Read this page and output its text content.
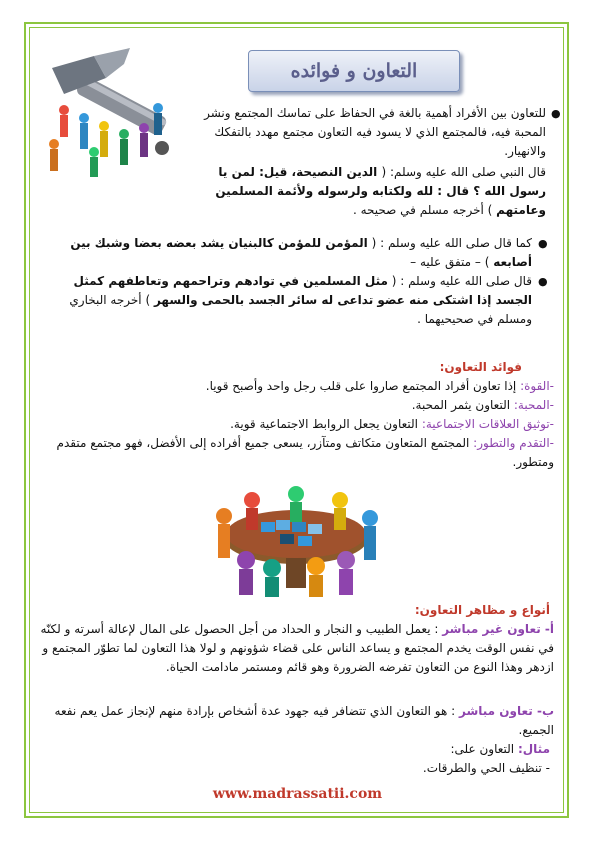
التعاون و فوائده
●
للتعاون بين الأفراد أهمية بالغة في الحفاظ على تماسك المجتمع ونشر المحبة فيه، فالمجتمع الذي لا يسود فيه التعاون مجتمع مهدد بالتفكك والانهيار.
قال النبي صلى الله عليه وسلم: ( الدين النصيحة، قيل: لمن يا رسول الله ؟ قال : لله ولكتابه ولرسوله ولأئمة المسلمين وعامتهم ) أخرجه مسلم في صحيحه .
●
كما قال صلى الله عليه وسلم : ( المؤمن للمؤمن كالبنيان يشد بعضه بعضا وشبك بين أصابعه ) – متفق عليه –
●
قال صلى الله عليه وسلم : ( مثل المسلمين في توادهم وتراحمهم وتعاطفهم كمثل الجسد إذا اشتكى منه عضو تداعى له سائر الجسد بالحمى والسهر ) أخرجه البخاري ومسلم في صحيحيهما .
فوائد التعاون:
-القوة: إذا تعاون أفراد المجتمع صاروا على قلب رجل واحد وأصبح قويا.
-المحبة: التعاون يثمر المحبة.
-توثيق العلاقات الاجتماعية: التعاون يجعل الروابط الاجتماعية قوية.
-التقدم والتطور: المجتمع المتعاون متكاتف ومتآزر، يسعى جميع أفراده إلى الأفضل، فهو مجتمع متقدم ومتطور.
أنواع و مظاهر التعاون:
أ- تعاون غير مباشر : يعمل الطبيب و النجار و الحداد من أجل الحصول على المال لإعالة أسرته و لكنّه في نفس الوقت يخدم المجتمع و يساعد الناس على قضاء شؤونهم و لولا هذا التعاون لما تطوّر المجتمع و ازدهر وهذا النوع من التعاون تفرضه الضرورة وهو قائم ومستمر مادامت الحياة.
ب- تعاون مباشر : هو التعاون الذي تتضافر فيه جهود عدة أشخاص بإرادة منهم لإنجاز عمل يعم نفعه الجميع.
مثال: التعاون على:
- تنظيف الحي والطرقات.
www.madrassatii.com
